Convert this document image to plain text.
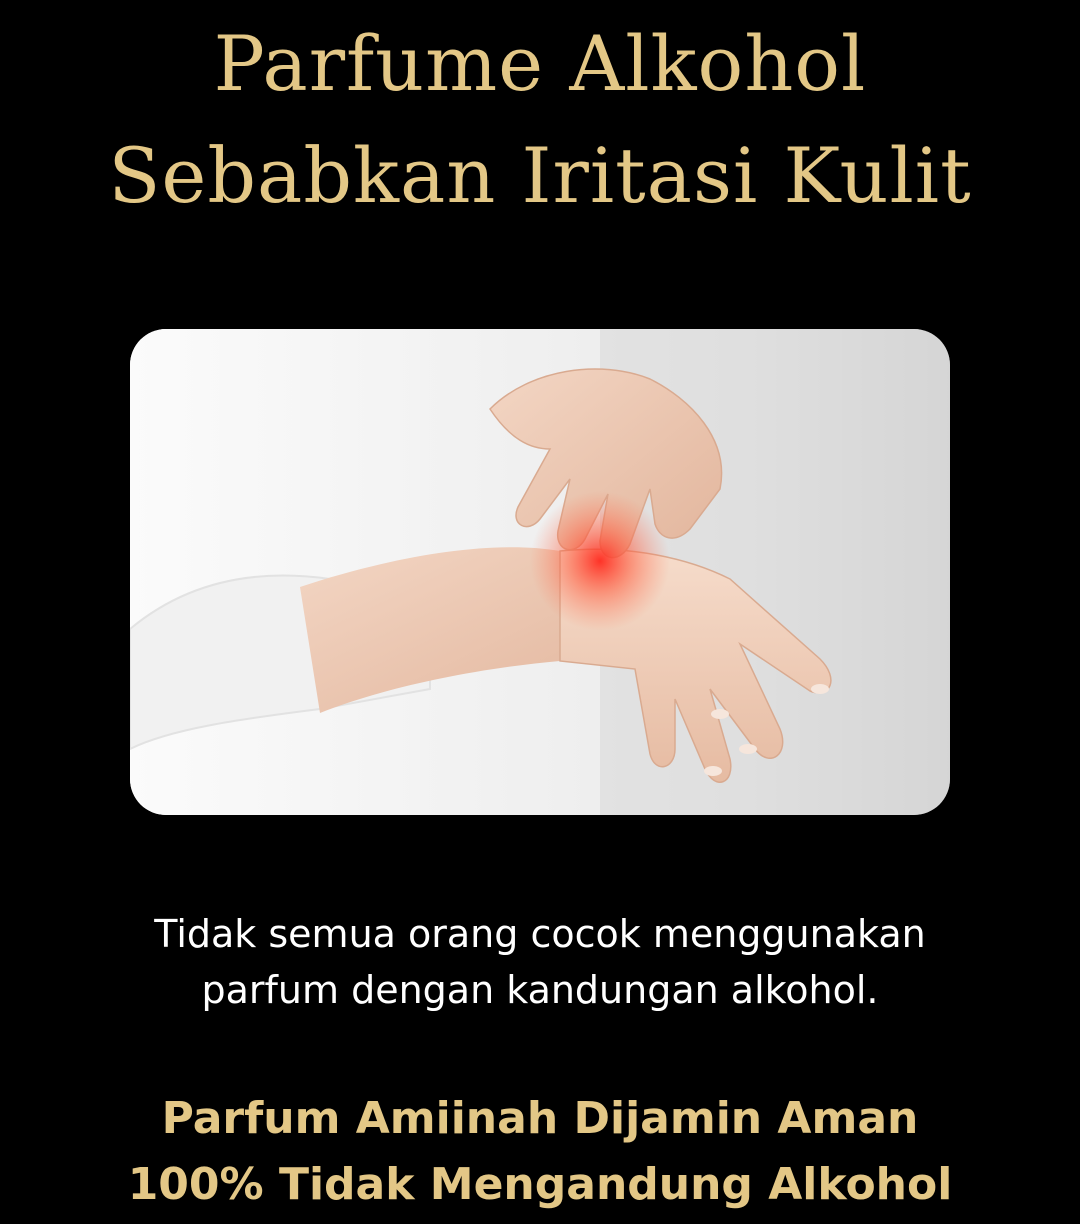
Parfume Alkohol
Sebabkan Iritasi Kulit
Tidak semua orang cocok menggunakan
parfum dengan kandungan alkohol.
Parfum Amiinah Dijamin Aman
100% Tidak Mengandung Alkohol
